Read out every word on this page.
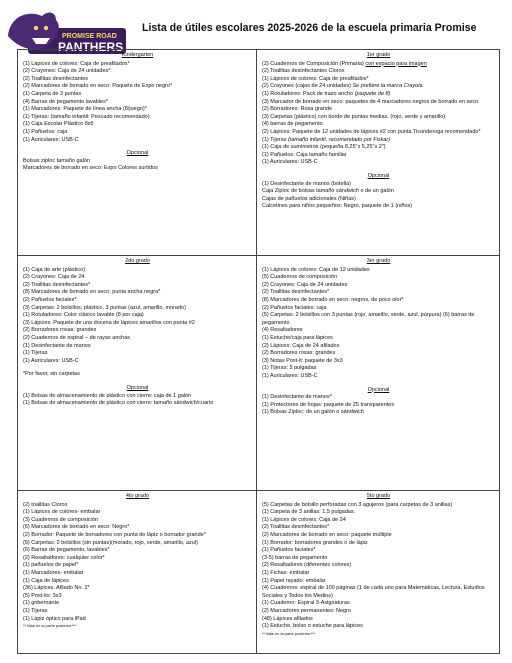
PROMISE ROAD
PANTHERS
Lista de útiles escolares 2025-2026 de la escuela primaria Promise
Kindergarten
(1) Lápices de colores: Caja de preafilados*
(2) Crayones: Caja de 24 unidades*
(2) Toallitas desinfectantes
(2) Marcadores de borrado en seco: Paquete de Expo negro*
(1) Carpeta de 3 puntas
(4) Barras de pegamento lavables*
(1) Marcadores: Paquete de línea ancha (8/juego)*
(1) Tijeras: (tamaño infantil: Pescado recomendado)
(1) Caja Escolar Plástico 8x5
(1) Pañuelos: caja
(1) Auriculares: USB-C
Opcional
Bolsas ziploc tamaño galón
Marcadores de borrado en seco: Expo Colores surtidos
1er grado
(2) Cuadernos de Composición (Primaria) con espacio para imagen
(2) Toallitas desinfectantes Clorox
(1) Lápices de colores: Caja de preafilados*
(2) Crayones (cajas de 24 unidades) Se prefiere la marca Crayola.
(1) Rotuladores: Pack de trazo ancho (paquete de 8)
(3) Marcador de borrado en seco: paquetes de 4 marcadores negros de borrado en seco.
(2) Borradores: Rosa grande
(3) Carpetas (plástico) con borde de puntas medias. (rojo, verde y amarillo)
(4) barras de pegamento
(2) Lápices: Paquete de 12 unidades de lápices #2 con punta Ticonderoga recomendado*
(1) Tijeras (tamaño infantil, recomendado por Fiskar)
(1) Caja de suministros (pequeña 8,25"x 5,25"x 2")
(1) Pañuelos: Caja tamaño familiar
(1) Auriculares: USB-C
Opcional
(1) Desinfectante de manos (botella)
Caja Ziploc de bolsas tamaño sándwich o de un galón
Cajas de pañuelos adicionales (Niñas)
Calcetines para niños pequeños: Negro, paquete de 1 (niños)
2do grado
(1) Caja de arte (plástico)
(2) Crayones: Caja de 24
(2) Toallitas desinfectantes*
(8) Marcadores de borrado en seco: punta ancha negra*
(2) Pañuelos faciales*
(3) Carpetas: 2 bolsillos, plástico, 3 puntas (azul, amarillo, morado)
(1) Rotuladores: Color clásico lavable (8 por caja)
(3) Lápices: Paquete de una docena de lápices amarillos con punta #2
(2) Borradores rosas: grandes
(2) Cuadernos de espiral – de rayas anchas
(1) Desinfectante de manos
(1) Tijeras
(1) Auriculares: USB-C
*Por favor, sin carpetas
Opcional
(1) Bolsas de almacenamiento de plástico con cierre: caja de 1 galón
(1) Bolsas de almacenamiento de plástico con cierre: tamaño sándwich/cuarto
3er grado
(1) Lápices de colores: Caja de 12 unidades
(5) Cuadernos de composición
(2) Crayones: Caja de 24 unidades
(2) Toallitas desinfectantes*
(8) Marcadores de borrado en seco: negros, de poco olor*
(2) Pañuelos faciales: caja
(5) Carpetas: 2 bolsillos con 3 puntas (rojo, amarillo, verde, azul, púrpura) (6) barras de pegamento
(4) Resaltadores
(1) Estuche/caja para lápices
(2) Lápices: Caja de 24 afilados
(2) Borradores rosas: grandes
(3) Notas Post-it: paquete de 3x3
(1) Tijeras: 5 pulgadas
(1) Auriculares: USB-C
Opcional
(1) Desinfectante de manos*
(1) Protectores de hojas: paquete de 25 transparentes
(1) Bolsas Ziploc: de un galón o sándwich
4to grado
(2) toallitas Clorox
(1) Lápices de colores- embalar
(3) Cuadernos de composición
(6) Marcadores de borrado en seco: Negro*
(2) Borrador: Paquete de borradores con punta de lápiz o borrador grande*
(5) Carpetas: 2 bolsillos (sin puntas)(morado, rojo, verde, amarillo, azul)
(6) Barras de pegamento, lavables*
(2) Resaltadores: cualquier color*
(1) pañuelos de papel*
(1) Marcadores- embalar
(1) Caja de lápices
(36) Lápices: Afilado No. 2*
(5) Post-its: 3x3
(1) gobernante
(1) Tijeras
(1) Lápiz óptico para iPad
** Más en la parte posterior***
5to grado
(5) Carpetas de bolsillo perforadas con 3 agujeros (para carpetas de 3 anillas)
(1) Carpeta de 3 anillas: 1,5 pulgadas.
(1) Lápices de colores: Caja de 24
(2) Toallitas desinfectantes*
(2) Marcadores de borrado en seco: paquete múltiple
(1) Borrador: borradores grandes o de lápiz
(1) Pañuelos faciales*
(3-5) barras de pegamento
(2) Resaltadores (diferentes colores)
(1) Fichas: embalar
(1) Papel rayado: embalar
(4) Cuadernos: espiral de 100 páginas (1 de cada uno para Matemáticas, Lectura, Estudios Sociales y Todos los Medios)
(1) Cuaderno: Espiral 3-Asignaturas
(2) Marcadores permanentes: Negro
(48) Lápices afilados
(1) Estuche, bolso o estuche para lápices
** Más en la parte posterior***
